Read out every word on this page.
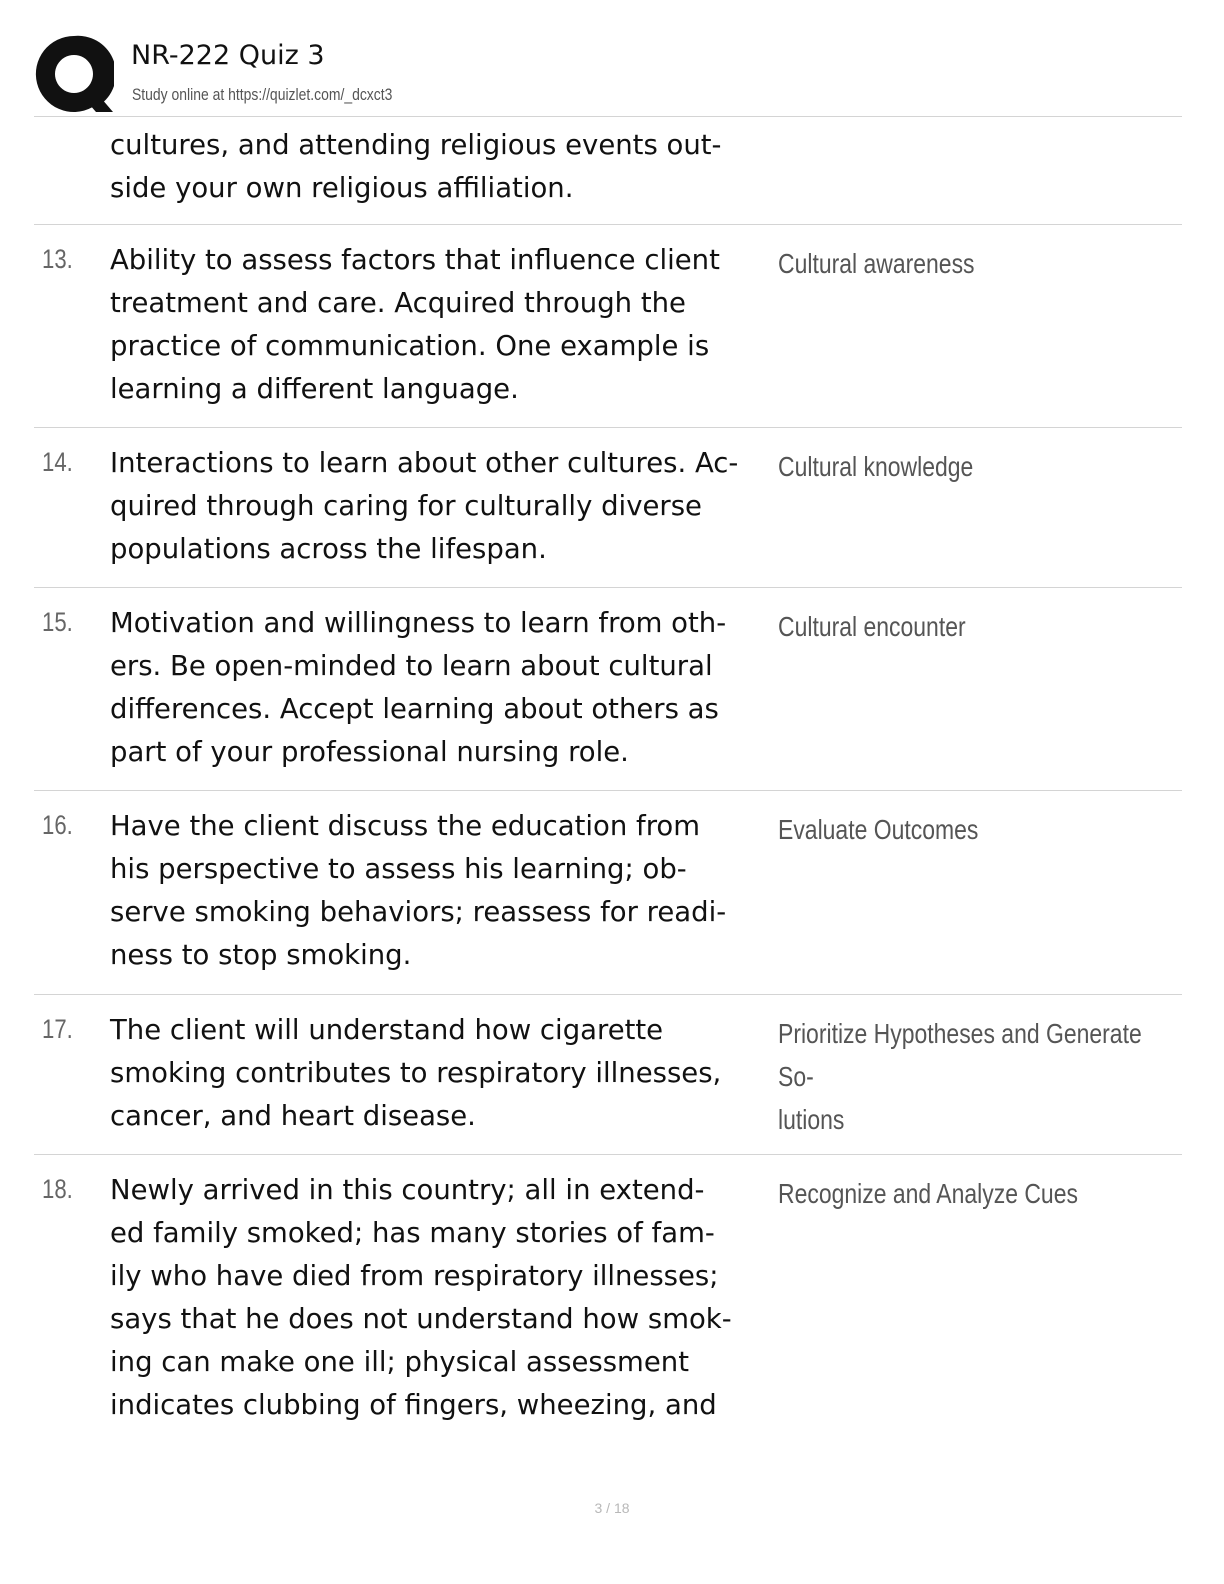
NR-222 Quiz 3
Study online at https://quizlet.com/_dcxct3
cultures, and attending religious events out-
side your own religious affiliation.
13. Ability to assess factors that influence client
treatment and care. Acquired through the
practice of communication. One example is
learning a different language.
Cultural awareness
14. Interactions to learn about other cultures. Ac-
quired through caring for culturally diverse
populations across the lifespan.
Cultural knowledge
15. Motivation and willingness to learn from oth-
ers. Be open-minded to learn about cultural
differences. Accept learning about others as
part of your professional nursing role.
Cultural encounter
16. Have the client discuss the education from
his perspective to assess his learning; ob-
serve smoking behaviors; reassess for readi-
ness to stop smoking.
Evaluate Outcomes
17. The client will understand how cigarette
smoking contributes to respiratory illnesses,
cancer, and heart disease.
Prioritize Hypotheses and Generate So-
lutions
18. Newly arrived in this country; all in extend-
ed family smoked; has many stories of fam-
ily who have died from respiratory illnesses;
says that he does not understand how smok-
ing can make one ill; physical assessment
indicates clubbing of fingers, wheezing, and
Recognize and Analyze Cues
3 / 18
